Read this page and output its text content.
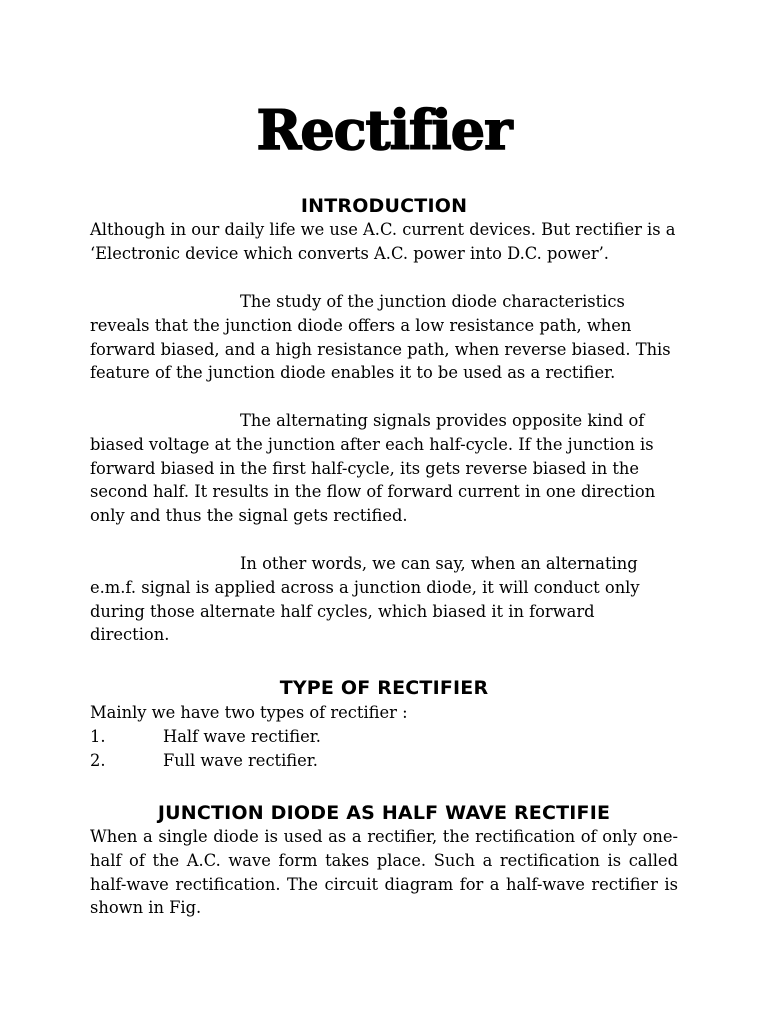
Rectifier
INTRODUCTION

Although in our daily life we use A.C. current devices. But rectifier is a ‘Electronic device which converts A.C. power into D.C. power’.

The study of the junction diode characteristics reveals that the junction diode offers a low resistance path, when forward biased, and a high resistance path, when reverse biased. This feature of the junction diode enables it to be used as a rectifier.

The alternating signals provides opposite kind of biased voltage at the junction after each half-cycle. If the junction is forward biased in the first half-cycle, its gets reverse biased in the second half. It results in the flow of forward current in one direction only and thus the signal gets rectified.

In other words, we can say, when an alternating e.m.f. signal is applied across a junction diode, it will conduct only during those alternate half cycles, which biased it in forward direction.

TYPE OF RECTIFIER
Mainly we have two types of rectifier :
1.	Half wave rectifier.
2.	Full wave rectifier.
JUNCTION DIODE AS HALF WAVE RECTIFIE

When a single diode is used as a rectifier, the rectification of only one-half of the A.C. wave form takes place. Such a rectification is called half-wave rectification. The circuit diagram for a half-wave rectifier is shown in Fig.
